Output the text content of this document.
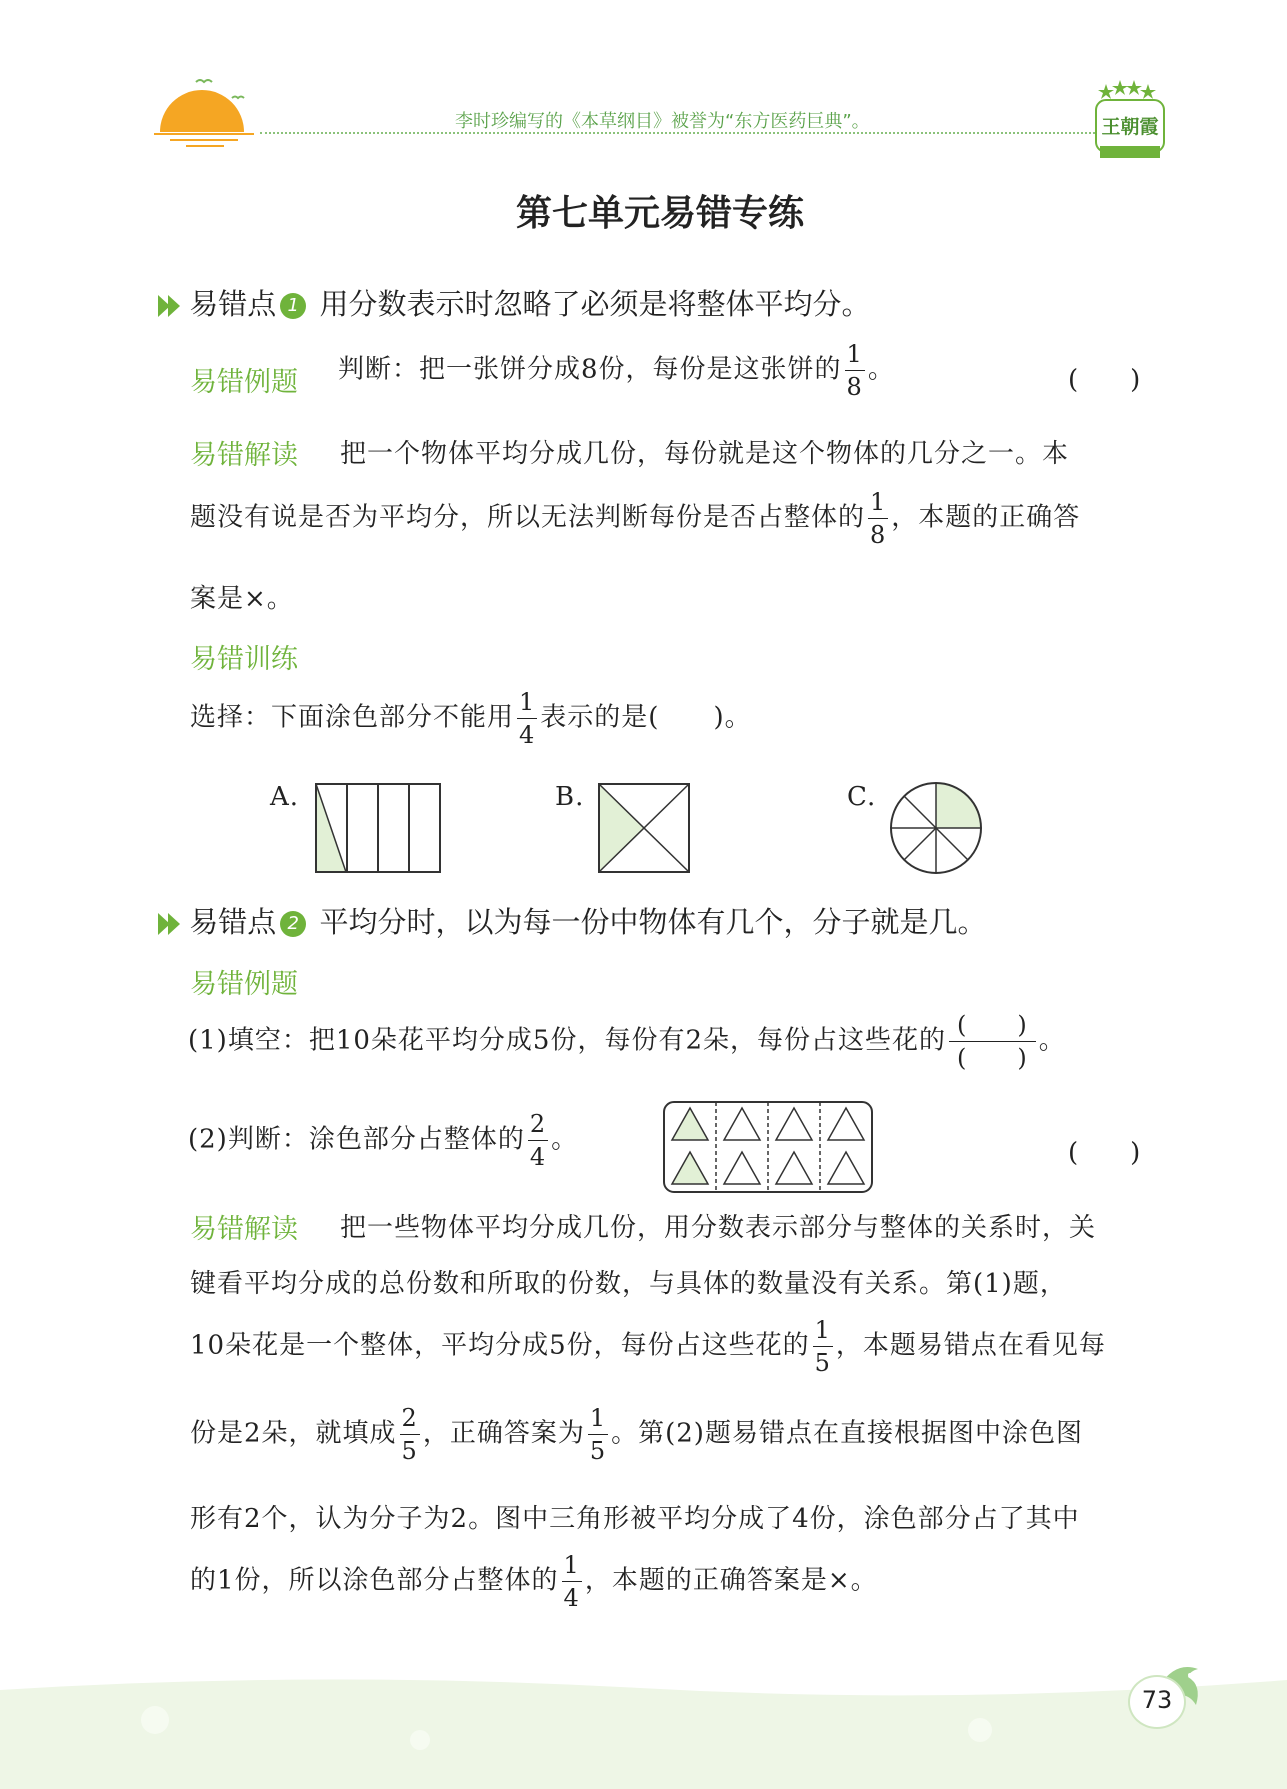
李时珍编写的《本草纲目》被誉为“东方医药巨典”。	王朝霞
第七单元易错专练
易错点 1 用分数表示时忽略了必须是将整体平均分。
易错例题 判断：把一张饼分成8份，每份是这张饼的 $\frac{1}{8}$ 。	(　　)
易错解读 把一个物体平均分成几份，每份就是这个物体的几分之一。本
题没有说是否为平均分，所以无法判断每份是否占整体的 $\frac{1}{8}$ ，本题的正确答
案是×。
易错训练
选择：下面涂色部分不能用 $\frac{1}{4}$ 表示的是(　　)。
A.	B.	C.
易错点 2 平均分时，以为每一份中物体有几个，分子就是几。
易错例题
(1)填空：把10朵花平均分成5份，每份有2朵，每份占这些花的 $\frac{( )}{( )}$ 。
(2)判断：涂色部分占整体的 $\frac{2}{4}$ 。	(　　)
易错解读 把一些物体平均分成几份，用分数表示部分与整体的关系时，关
键看平均分成的总份数和所取的份数，与具体的数量没有关系。第(1)题，
10朵花是一个整体，平均分成5份，每份占这些花的 $\frac{1}{5}$ ，本题易错点在看见每
份是2朵，就填成 $\frac{2}{5}$ ，正确答案为 $\frac{1}{5}$ 。第(2)题易错点在直接根据图中涂色图
形有2个，认为分子为2。图中三角形被平均分成了4份，涂色部分占了其中
的1份，所以涂色部分占整体的 $\frac{1}{4}$ ，本题的正确答案是×。
73
